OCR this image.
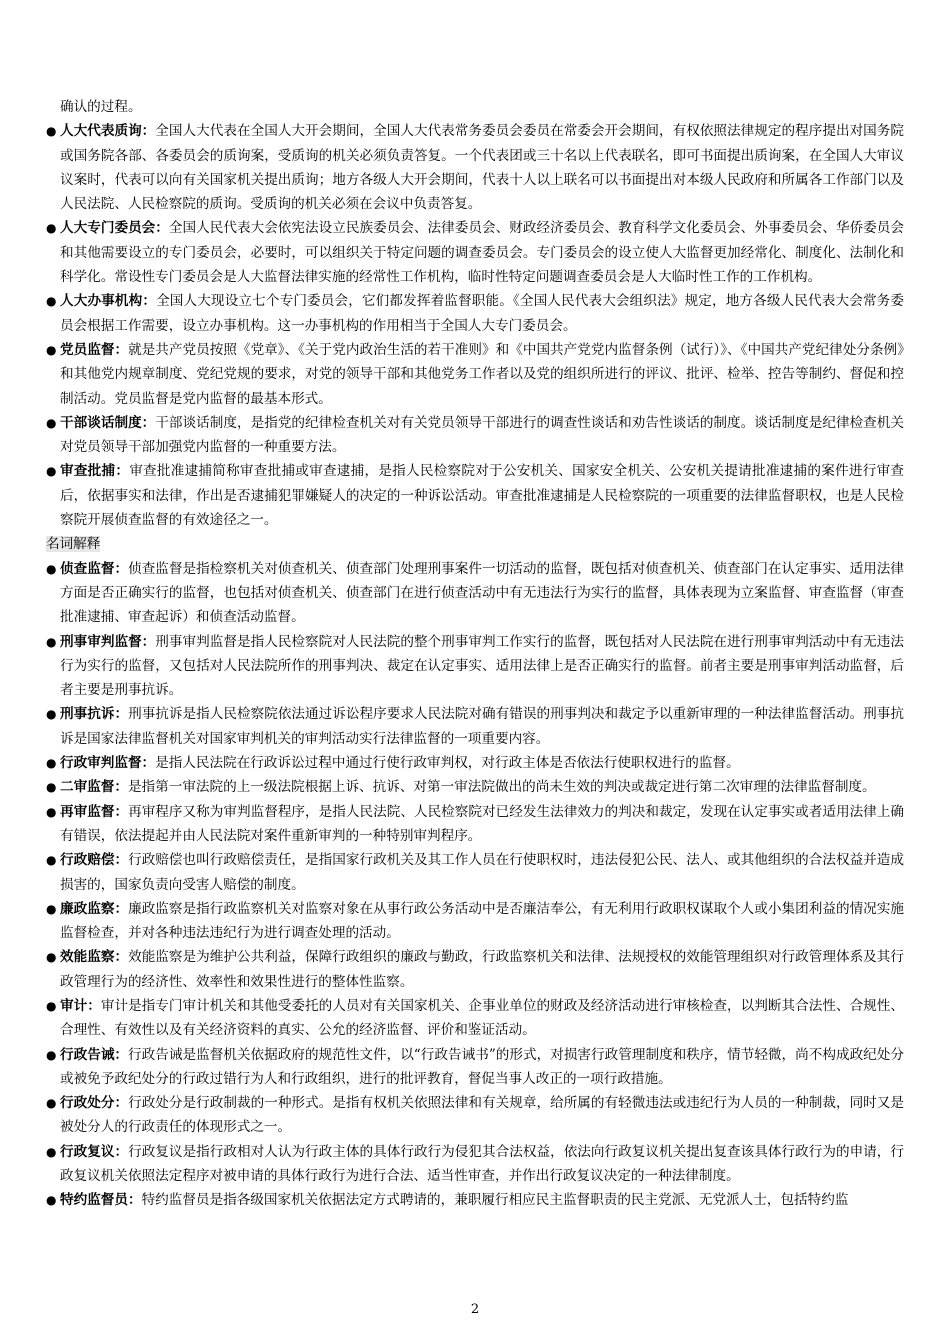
确认的过程。

● 人大代表质询：全国人大代表在全国人大开会期间，全国人大代表常务委员会委员在常委会开会期间，有权依照法律规定的程序提出对国务院或国务院各部、各委员会的质询案，受质询的机关必须负责答复。一个代表团或三十名以上代表联名，即可书面提出质询案，在全国人大审议议案时，代表可以向有关国家机关提出质询；地方各级人大开会期间，代表十人以上联名可以书面提出对本级人民政府和所属各工作部门以及人民法院、人民检察院的质询。受质询的机关必须在会议中负责答复。

● 人大专门委员会：全国人民代表大会依宪法设立民族委员会、法律委员会、财政经济委员会、教育科学文化委员会、外事委员会、华侨委员会和其他需要设立的专门委员会，必要时，可以组织关于特定问题的调查委员会。专门委员会的设立使人大监督更加经常化、制度化、法制化和科学化。常设性专门委员会是人大监督法律实施的经常性工作机构，临时性特定问题调查委员会是人大临时性工作的工作机构。

● 人大办事机构：全国人大现设立七个专门委员会，它们都发挥着监督职能。《全国人民代表大会组织法》规定，地方各级人民代表大会常务委员会根据工作需要，设立办事机构。这一办事机构的作用相当于全国人大专门委员会。

● 党员监督：就是共产党员按照《党章》、《关于党内政治生活的若干准则》和《中国共产党党内监督条例（试行）》、《中国共产党纪律处分条例》和其他党内规章制度、党纪党规的要求，对党的领导干部和其他党务工作者以及党的组织所进行的评议、批评、检举、控告等制约、督促和控制活动。党员监督是党内监督的最基本形式。

● 干部谈话制度：干部谈话制度，是指党的纪律检查机关对有关党员领导干部进行的调查性谈话和劝告性谈话的制度。谈话制度是纪律检查机关对党员领导干部加强党内监督的一种重要方法。

● 审查批捕：审查批准逮捕简称审查批捕或审查逮捕，是指人民检察院对于公安机关、国家安全机关、公安机关提请批准逮捕的案件进行审查后，依据事实和法律，作出是否逮捕犯罪嫌疑人的决定的一种诉讼活动。审查批准逮捕是人民检察院的一项重要的法律监督职权，也是人民检察院开展侦查监督的有效途径之一。

名词解释

● 侦查监督：侦查监督是指检察机关对侦查机关、侦查部门处理刑事案件一切活动的监督，既包括对侦查机关、侦查部门在认定事实、适用法律方面是否正确实行的监督，也包括对侦查机关、侦查部门在进行侦查活动中有无违法行为实行的监督，具体表现为立案监督、审查监督（审查批准逮捕、审查起诉）和侦查活动监督。

● 刑事审判监督：刑事审判监督是指人民检察院对人民法院的整个刑事审判工作实行的监督，既包括对人民法院在进行刑事审判活动中有无违法行为实行的监督，又包括对人民法院所作的刑事判决、裁定在认定事实、适用法律上是否正确实行的监督。前者主要是刑事审判活动监督，后者主要是刑事抗诉。

● 刑事抗诉：刑事抗诉是指人民检察院依法通过诉讼程序要求人民法院对确有错误的刑事判决和裁定予以重新审理的一种法律监督活动。刑事抗诉是国家法律监督机关对国家审判机关的审判活动实行法律监督的一项重要内容。

● 行政审判监督：是指人民法院在行政诉讼过程中通过行使行政审判权，对行政主体是否依法行使职权进行的监督。

● 二审监督：是指第一审法院的上一级法院根据上诉、抗诉、对第一审法院做出的尚未生效的判决或裁定进行第二次审理的法律监督制度。

● 再审监督：再审程序又称为审判监督程序，是指人民法院、人民检察院对已经发生法律效力的判决和裁定，发现在认定事实或者适用法律上确有错误，依法提起并由人民法院对案件重新审判的一种特别审判程序。

● 行政赔偿：行政赔偿也叫行政赔偿责任，是指国家行政机关及其工作人员在行使职权时，违法侵犯公民、法人、或其他组织的合法权益并造成损害的，国家负责向受害人赔偿的制度。

● 廉政监察：廉政监察是指行政监察机关对监察对象在从事行政公务活动中是否廉洁奉公，有无利用行政职权谋取个人或小集团利益的情况实施监督检查，并对各种违法违纪行为进行调查处理的活动。

● 效能监察：效能监察是为维护公共利益，保障行政组织的廉政与勤政，行政监察机关和法律、法规授权的效能管理组织对行政管理体系及其行政管理行为的经济性、效率性和效果性进行的整体性监察。

● 审计：审计是指专门审计机关和其他受委托的人员对有关国家机关、企事业单位的财政及经济活动进行审核检查，以判断其合法性、合规性、合理性、有效性以及有关经济资料的真实、公允的经济监督、评价和鉴证活动。

● 行政告诫：行政告诫是监督机关依据政府的规范性文件，以“行政告诫书”的形式，对损害行政管理制度和秩序，情节轻微，尚不构成政纪处分或被免予政纪处分的行政过错行为人和行政组织，进行的批评教育，督促当事人改正的一项行政措施。

● 行政处分：行政处分是行政制裁的一种形式。是指有权机关依照法律和有关规章，给所属的有轻微违法或违纪行为人员的一种制裁，同时又是被处分人的行政责任的体现形式之一。

● 行政复议：行政复议是指行政相对人认为行政主体的具体行政行为侵犯其合法权益，依法向行政复议机关提出复查该具体行政行为的申请，行政复议机关依照法定程序对被申请的具体行政行为进行合法、适当性审查，并作出行政复议决定的一种法律制度。

● 特约监督员：特约监督员是指各级国家机关依据法定方式聘请的，兼职履行相应民主监督职责的民主党派、无党派人士，包括特约监

2
